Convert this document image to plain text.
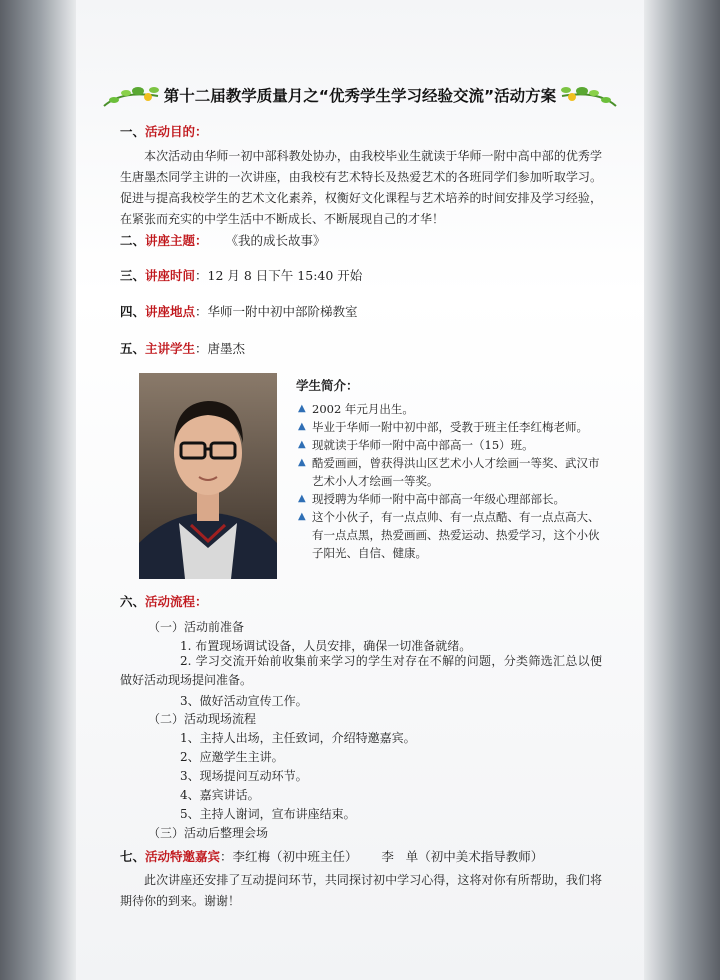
第十二届教学质量月之“优秀学生学习经验交流”活动方案
一、活动目的：
本次活动由华师一初中部科教处协办，由我校毕业生就读于华师一附中高中部的优秀学生唐墨杰同学主讲的一次讲座，由我校有艺术特长及热爱艺术的各班同学们参加听取学习。促进与提高我校学生的艺术文化素养，权衡好文化课程与艺术培养的时间安排及学习经验，在紧张而充实的中学生活中不断成长、不断展现自己的才华！
二、讲座主题： 《我的成长故事》
三、讲座时间：12 月 8 日下午 15:40 开始
四、讲座地点：华师一附中初中部阶梯教室
五、主讲学生：唐墨杰
学生简介：
▲ 2002 年元月出生。
▲ 毕业于华师一附中初中部，受教于班主任李红梅老师。
▲ 现就读于华师一附中高中部高一（15）班。
▲ 酷爱画画，曾获得洪山区艺术小人才绘画一等奖、武汉市艺术小人才绘画一等奖。
▲ 现授聘为华师一附中高中部高一年级心理部部长。
▲ 这个小伙子，有一点点帅、有一点点酷、有一点点高大、有一点点黑，热爱画画、热爱运动、热爱学习，这个小伙子阳光、自信、健康。
六、活动流程：
（一）活动前准备
1. 布置现场调试设备，人员安排，确保一切准备就绪。
2. 学习交流开始前收集前来学习的学生对存在不解的问题，分类筛选汇总以便做好活动现场提问准备。
3、做好活动宣传工作。
（二）活动现场流程
1、主持人出场，主任致词，介绍特邀嘉宾。
2、应邀学生主讲。
3、现场提问互动环节。
4、嘉宾讲话。
5、主持人谢词，宣布讲座结束。
（三）活动后整理会场
七、活动特邀嘉宾：李红梅（初中班主任）      李   单（初中美术指导教师）
此次讲座还安排了互动提问环节，共同探讨初中学习心得，这将对你有所帮助，我们将期待你的到来。谢谢！
